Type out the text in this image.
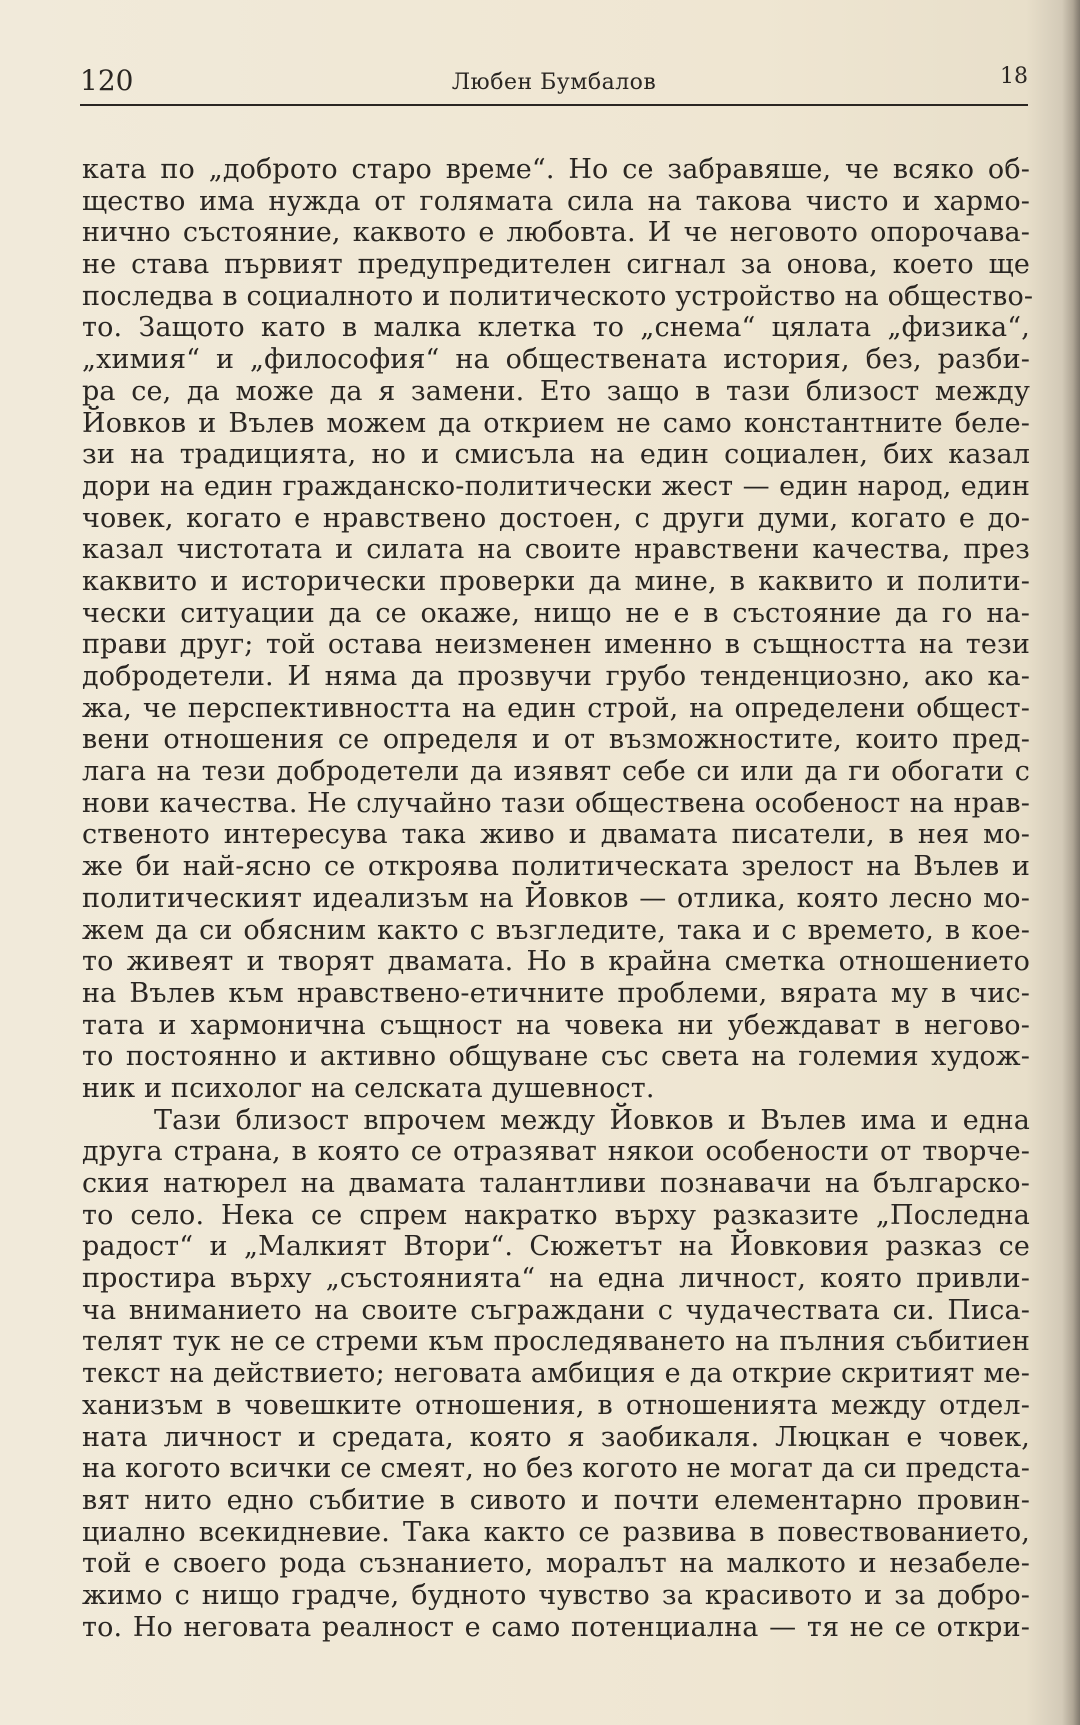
120	Любен Бумбалов	18
ката по „доброто старо време“. Но се забравяше, че всяко об-
щество има нужда от голямата сила на такова чисто и хармо-
нично състояние, каквото е любовта. И че неговото опорочава-
не става първият предупредителен сигнал за онова, което ще
последва в социалното и политическото устройство на общество-
то. Защото като в малка клетка то „снема“ цялата „физика“,
„химия“ и „философия“ на обществената история, без, разби-
ра се, да може да я замени. Ето защо в тази близост между
Йовков и Вълев можем да открием не само константните беле-
зи на традицията, но и смисъла на един социален, бих казал
дори на един гражданско-политически жест — един народ, един
човек, когато е нравствено достоен, с други думи, когато е до-
казал чистотата и силата на своите нравствени качества, през
каквито и исторически проверки да мине, в каквито и полити-
чески ситуации да се окаже, нищо не е в състояние да го на-
прави друг; той остава неизменен именно в същността на тези
добродетели. И няма да прозвучи грубо тенденциозно, ако ка-
жа, че перспективността на един строй, на определени общест-
вени отношения се определя и от възможностите, които пред-
лага на тези добродетели да изявят себе си или да ги обогати с
нови качества. Не случайно тази обществена особеност на нрав-
ственото интересува така живо и двамата писатели, в нея мо-
же би най-ясно се откроява политическата зрелост на Вълев и
политическият идеализъм на Йовков — отлика, която лесно мо-
жем да си обясним както с възгледите, така и с времето, в кое-
то живеят и творят двамата. Но в крайна сметка отношението
на Вълев към нравствено-етичните проблеми, вярата му в чис-
тата и хармонична същност на човека ни убеждават в негово-
то постоянно и активно общуване със света на големия худож-
ник и психолог на селската душевност.
Тази близост впрочем между Йовков и Вълев има и една
друга страна, в която се отразяват някои особености от творче-
ския натюрел на двамата талантливи познавачи на българско-
то село. Нека се спрем накратко върху разказите „Последна
радост“ и „Малкият Втори“. Сюжетът на Йовковия разказ се
простира върху „състоянията“ на една личност, която привли-
ча вниманието на своите съграждани с чудачествата си. Писа-
телят тук не се стреми към проследяването на пълния събитиен
текст на действието; неговата амбиция е да открие скритият ме-
ханизъм в човешките отношения, в отношенията между отдел-
ната личност и средата, която я заобикаля. Люцкан е човек,
на когото всички се смеят, но без когото не могат да си предста-
вят нито едно събитие в сивото и почти елементарно провин-
циално всекидневие. Така както се развива в повествованието,
той е своего рода съзнанието, моралът на малкото и незабеле-
жимо с нищо градче, будното чувство за красивото и за добро-
то. Но неговата реалност е само потенциална — тя не се откри-
